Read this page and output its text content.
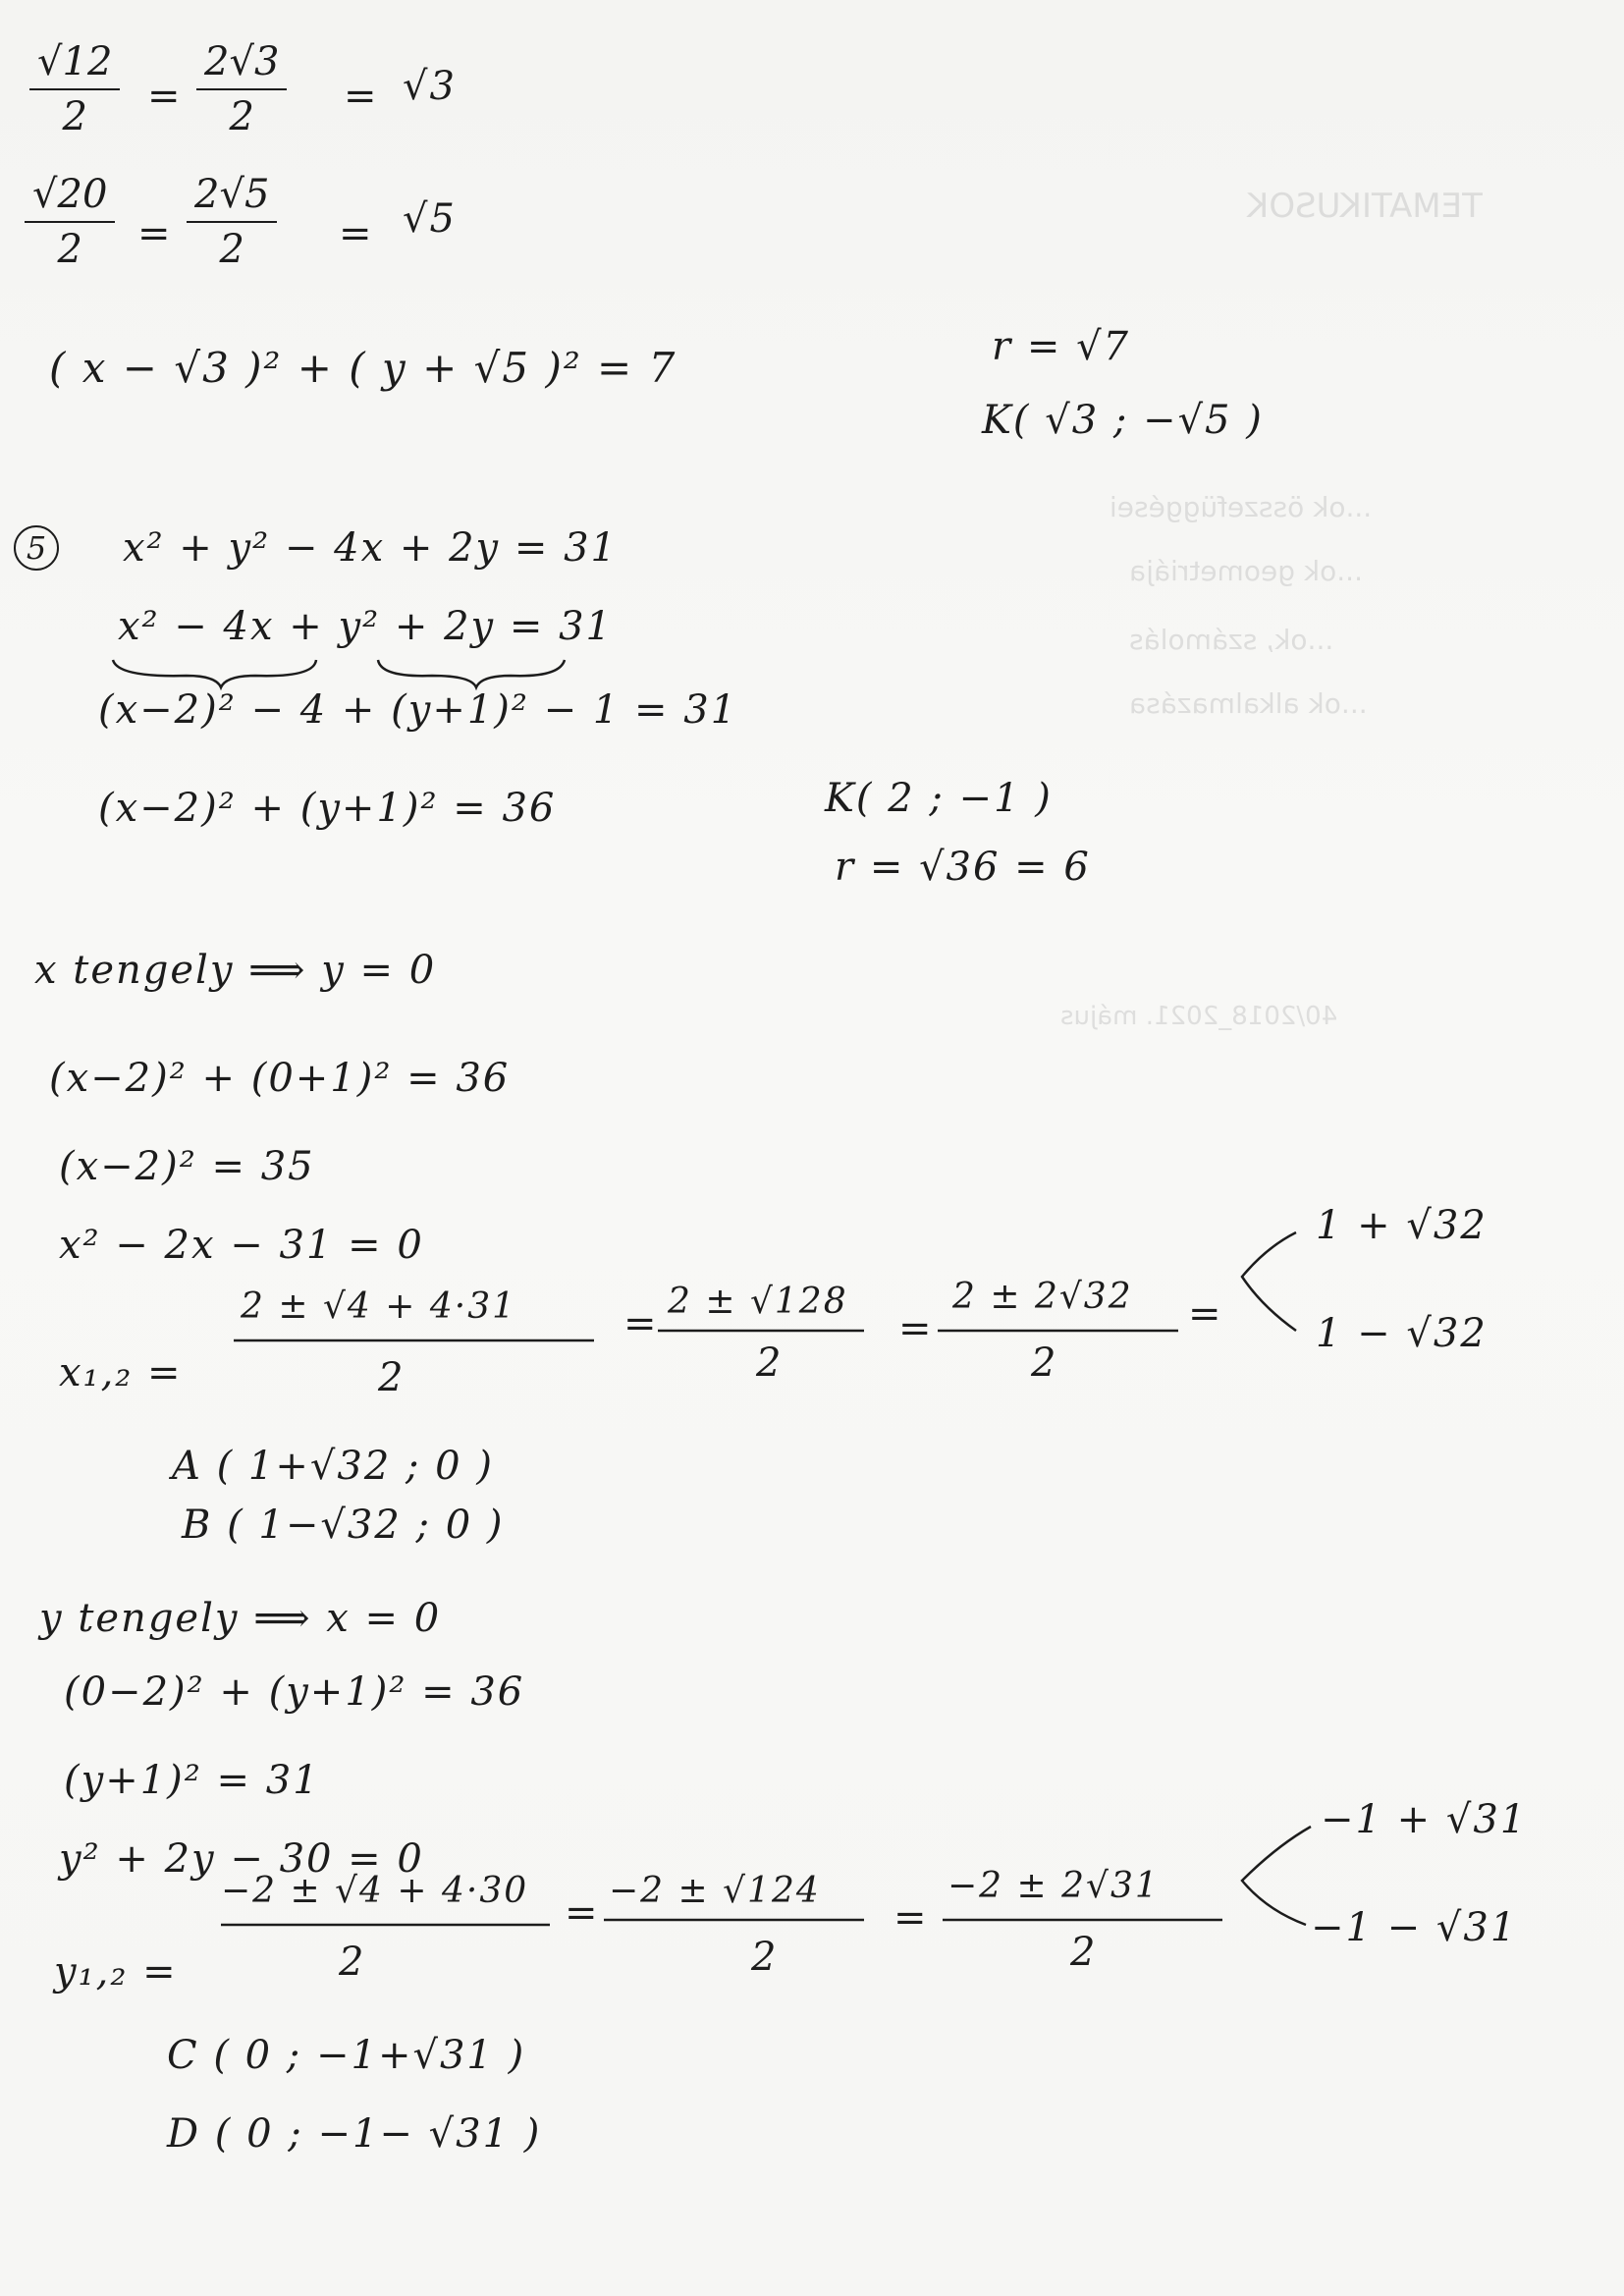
TEMATIKUSOK
...ok összefüggései
...ok geometriája
...ok, számolás
...ok alkalmazása
40/2018_2021. május
√12
2	=
2√3
2	= √3
√20
2	=
2√5
2	= √5
( x − √3 )² + ( y + √5 )² = 7	r = √7
K( √3 ; −√5 )
5	x² + y² − 4x + 2y = 31
x² − 4x + y² + 2y = 31
(x−2)² − 4 + (y+1)² − 1 = 31
(x−2)² + (y+1)² = 36	K( 2 ; −1 )
r = √36 = 6
x tengely ⟹ y = 0
(x−2)² + (0+1)² = 36
(x−2)² = 35
x² − 2x − 31 = 0
x₁,₂ =
2 ± √4 + 4·31
2
= 2 ± √128
2
=
2 ± 2√32
2
=
1 + √32
1 − √32
A ( 1+√32 ; 0 )
B ( 1−√32 ; 0 )
y tengely ⟹ x = 0
(0−2)² + (y+1)² = 36
(y+1)² = 31
y² + 2y − 30 = 0
y₁,₂ =
−2 ± √4 + 4·30
2
= −2 ± √124
2
=
−2 ± 2√31
2
−1 + √31
−1 − √31
C ( 0 ; −1+√31 )
D ( 0 ; −1− √31 )
